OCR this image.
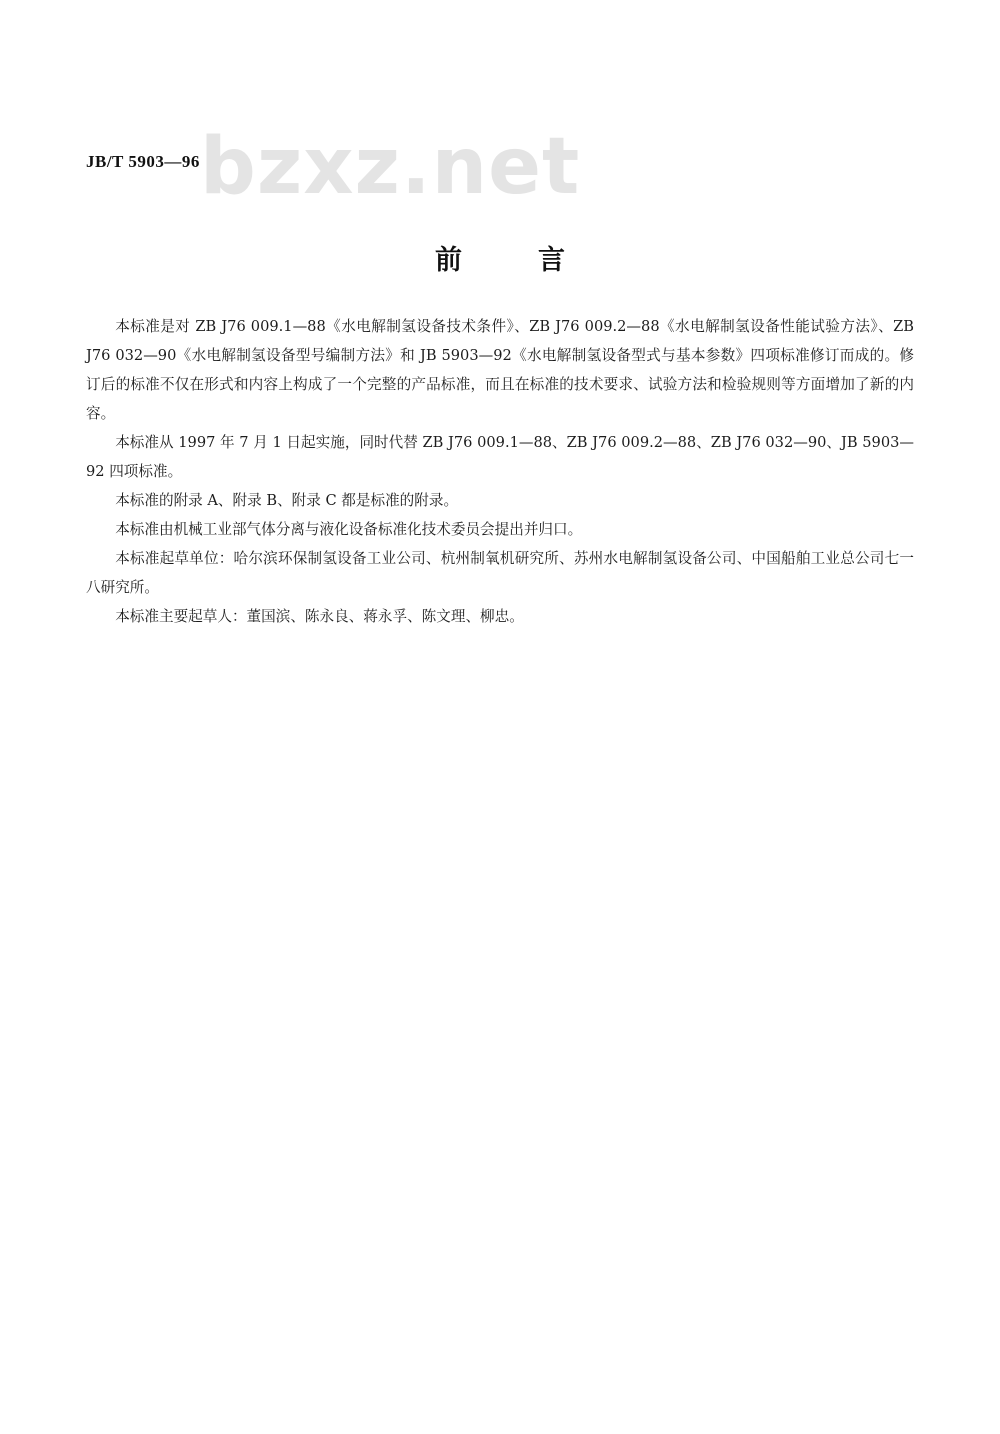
bzxz.net
JB/T 5903—96
前言

本标准是对 ZB J76 009.1—88《水电解制氢设备技术条件》、ZB J76 009.2—88《水电解制氢设备性能试验方法》、ZB J76 032—90《水电解制氢设备型号编制方法》和 JB 5903—92《水电解制氢设备型式与基本参数》四项标准修订而成的。修订后的标准不仅在形式和内容上构成了一个完整的产品标准，而且在标准的技术要求、试验方法和检验规则等方面增加了新的内容。

本标准从 1997 年 7 月 1 日起实施，同时代替 ZB J76 009.1—88、ZB J76 009.2—88、ZB J76 032—90、JB 5903—92 四项标准。

本标准的附录 A、附录 B、附录 C 都是标准的附录。

本标准由机械工业部气体分离与液化设备标准化技术委员会提出并归口。

本标准起草单位：哈尔滨环保制氢设备工业公司、杭州制氧机研究所、苏州水电解制氢设备公司、中国船舶工业总公司七一八研究所。

本标准主要起草人：董国滨、陈永良、蒋永孚、陈文理、柳忠。
